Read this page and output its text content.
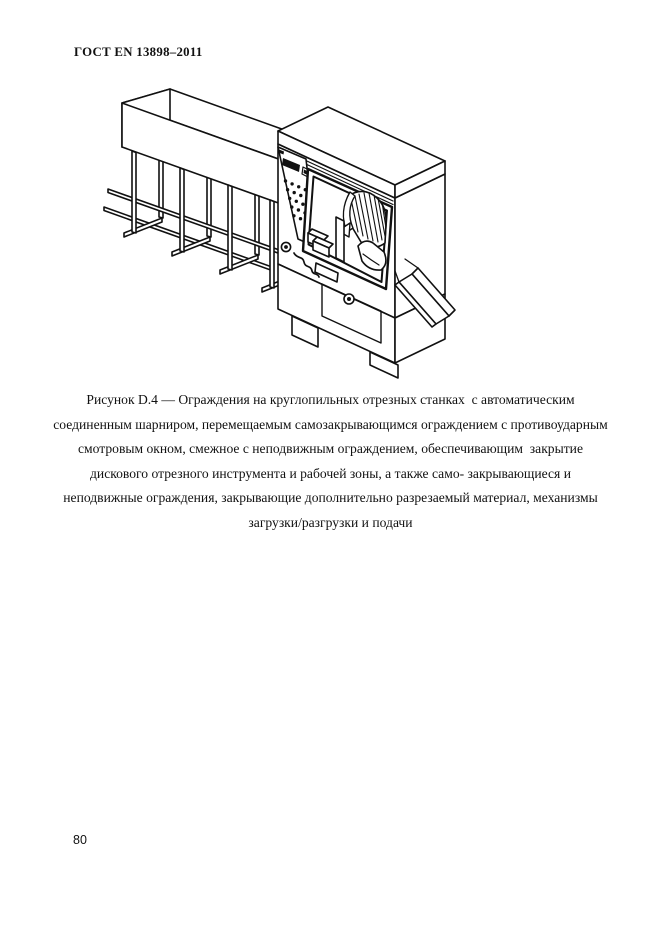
ГОСТ EN 13898–2011
Рисунок D.4 — Ограждения на круглопильных отрезных станках  с автоматическим
соединенным шарниром, перемещаемым самозакрывающимся ограждением с противоударным
смотровым окном, смежное с неподвижным ограждением, обеспечивающим  закрытие
дискового отрезного инструмента и рабочей зоны, а также само- закрывающиеся и
неподвижные ограждения, закрывающие дополнительно разрезаемый материал, механизмы
загрузки/разгрузки и подачи
80
